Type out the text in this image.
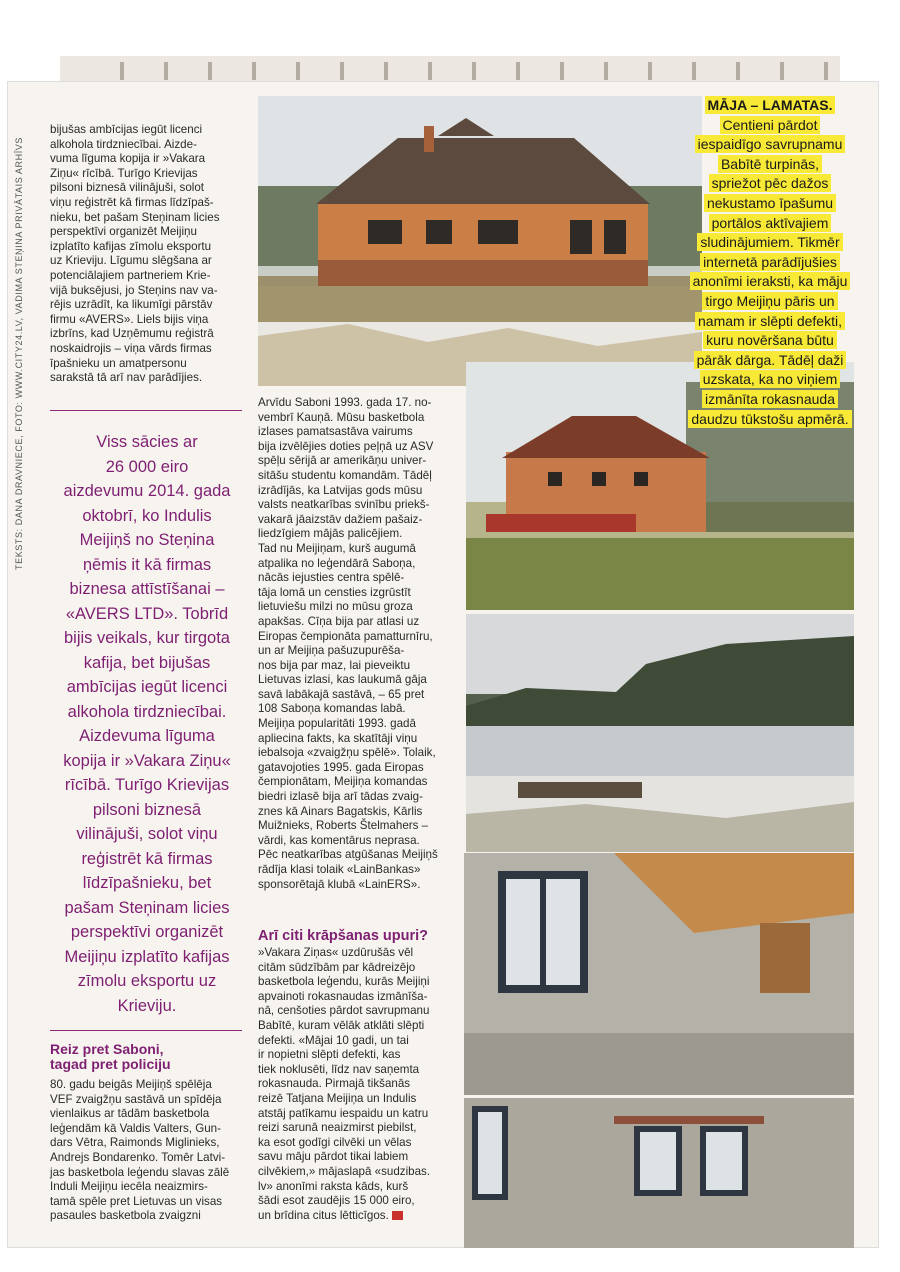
TEKSTS: DANA DRAVNIECE, FOTO: WWW.CITY24.LV, VADIMA STEŅINA PRIVĀTAIS ARHĪVS
bijušas ambīcijas iegūt licenci
alkohola tirdzniecībai. Aizde-
vuma līguma kopija ir »Vakara
Ziņu« rīcībā. Turīgo Krievijas
pilsoni biznesā vilinājuši, solot
viņu reģistrēt kā firmas līdzīpaš-
nieku, bet pašam Steņinam licies
perspektīvi organizēt Meijiņu
izplatīto kafijas zīmolu eksportu
uz Krieviju. Līgumu slēgšana ar
potenciālajiem partneriem Krie-
vijā buksējusi, jo Steņins nav va-
rējis uzrādīt, ka likumīgi pārstāv
firmu «AVERS». Liels bijis viņa
izbrīns, kad Uzņēmumu reģistrā
noskaidrojis – viņa vārds firmas
īpašnieku un amatpersonu
sarakstā tā arī nav parādījies.
Viss sācies ar
26 000 eiro
aizdevumu 2014. gada
oktobrī, ko Indulis
Meijiņš no Steņina
ņēmis it kā firmas
biznesa attīstīšanai –
«AVERS LTD». Tobrīd
bijis veikals, kur tirgota
kafija, bet bijušas
ambīcijas iegūt licenci
alkohola tirdzniecībai.
Aizdevuma līguma
kopija ir »Vakara Ziņu«
rīcībā. Turīgo Krievijas
pilsoni biznesā
vilinājuši, solot viņu
reģistrēt kā firmas
līdzīpašnieku, bet
pašam Steņinam licies
perspektīvi organizēt
Meijiņu izplatīto kafijas
zīmolu eksportu uz
Krieviju.
Reiz pret Saboni,
tagad pret policiju
80. gadu beigās Meijiņš spēlēja
VEF zvaigžņu sastāvā un spīdēja
vienlaikus ar tādām basketbola
leģendām kā Valdis Valters, Gun-
dars Vētra, Raimonds Miglinieks,
Andrejs Bondarenko. Tomēr Latvi-
jas basketbola leģendu slavas zālē
Induli Meijiņu iecēla neaizmirs-
tamā spēle pret Lietuvas un visas
pasaules basketbola zvaigzni
Arvīdu Saboni 1993. gada 17. no-
vembrī Kauņā. Mūsu basketbola
izlases pamatsastāva vairums
bija izvēlējies doties peļņā uz ASV
spēļu sērijā ar amerikāņu univer-
sitāšu studentu komandām. Tādēļ
izrādījās, ka Latvijas gods mūsu
valsts neatkarības svinību priekš-
vakarā jāaizstāv dažiem pašaiz-
liedzīgiem mājās palicējiem.
Tad nu Meijiņam, kurš augumā
atpalika no leģendārā Saboņa,
nācās iejusties centra spēlē-
tāja lomā un censties izgrūstīt
lietuviešu milzi no mūsu groza
apakšas. Cīņa bija par atlasi uz
Eiropas čempionāta pamatturnīru,
un ar Meijiņa pašuzupurēša-
nos bija par maz, lai pieveiktu
Lietuvas izlasi, kas laukumā gāja
savā labākajā sastāvā, – 65 pret
108 Saboņa komandas labā.
Meijiņa popularitāti 1993. gadā
apliecina fakts, ka skatītāji viņu
iebalsoja «zvaigžņu spēlē». Tolaik,
gatavojoties 1995. gada Eiropas
čempionātam, Meijiņa komandas
biedri izlasē bija arī tādas zvaig-
znes kā Ainars Bagatskis, Kārlis
Muižnieks, Roberts Štelmahers –
vārdi, kas komentārus neprasa.
Pēc neatkarības atgūšanas Meijiņš
rādīja klasi tolaik «LainBankas»
sponsorētajā klubā «LainERS».
Arī citi krāpšanas upuri?
»Vakara Ziņas« uzdūrušās vēl
citām sūdzībām par kādreizējo
basketbola leģendu, kurās Meijiņi
apvainoti rokasnaudas izmānīša-
nā, cenšoties pārdot savrupmanu
Babītē, kuram vēlāk atklāti slēpti
defekti. «Mājai 10 gadi, un tai
ir nopietni slēpti defekti, kas
tiek noklusēti, līdz nav saņemta
rokasnauda. Pirmajā tikšanās
reizē Tatjana Meijiņa un Indulis
atstāj patīkamu iespaidu un katru
reizi sarunā neaizmirst piebilst,
ka esot godīgi cilvēki un vēlas
savu māju pārdot tikai labiem
cilvēkiem,» mājaslapā «sudzibas.
lv» anonīmi raksta kāds, kurš
šādi esot zaudējis 15 000 eiro,
un brīdina citus lētticīgos.
MĀJA – LAMATAS.
Centieni pārdot
iespaidīgo savrupnamu
Babītē turpinās,
spriežot pēc dažos
nekustamo īpašumu
portālos aktīvajiem
sludinājumiem. Tikmēr
internetā parādījušies
anonīmi ieraksti, ka māju
tirgo Meijiņu pāris un
namam ir slēpti defekti,
kuru novēršana būtu
pārāk dārga. Tādēļ daži
uzskata, ka no viņiem
izmānīta rokasnauda
daudzu tūkstošu apmērā.
